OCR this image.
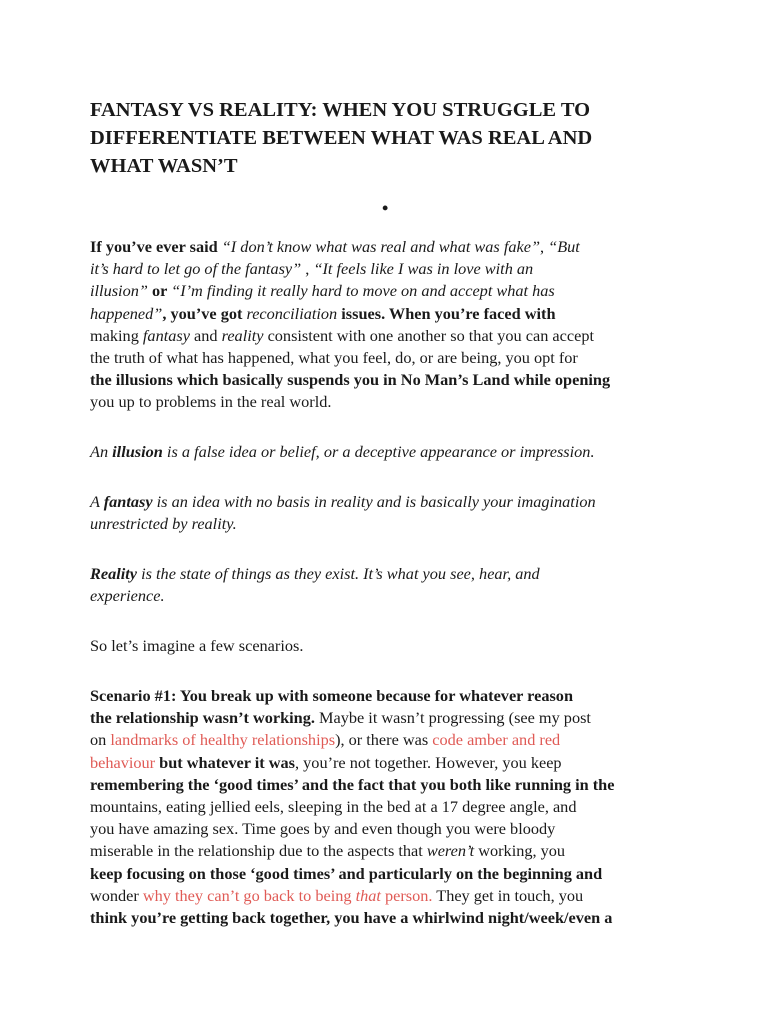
FANTASY VS REALITY: WHEN YOU STRUGGLE TO
DIFFERENTIATE BETWEEN WHAT WAS REAL AND
WHAT WASN’T
•
If you’ve ever said “I don’t know what was real and what was fake”, “But
it’s hard to let go of the fantasy” , “It feels like I was in love with an
illusion” or “I’m finding it really hard to move on and accept what has
happened”, you’ve got reconciliation issues. When you’re faced with
making fantasy and reality consistent with one another so that you can accept
the truth of what has happened, what you feel, do, or are being, you opt for
the illusions which basically suspends you in No Man’s Land while opening
you up to problems in the real world.
An illusion is a false idea or belief, or a deceptive appearance or impression.
A fantasy is an idea with no basis in reality and is basically your imagination
unrestricted by reality.
Reality is the state of things as they exist. It’s what you see, hear, and
experience.
So let’s imagine a few scenarios.
Scenario #1: You break up with someone because for whatever reason
the relationship wasn’t working. Maybe it wasn’t progressing (see my post
on landmarks of healthy relationships), or there was code amber and red
behaviour but whatever it was, you’re not together. However, you keep
remembering the ‘good times’ and the fact that you both like running in the
mountains, eating jellied eels, sleeping in the bed at a 17 degree angle, and
you have amazing sex. Time goes by and even though you were bloody
miserable in the relationship due to the aspects that weren’t working, you
keep focusing on those ‘good times’ and particularly on the beginning and
wonder why they can’t go back to being that person. They get in touch, you
think you’re getting back together, you have a whirlwind night/week/even a
